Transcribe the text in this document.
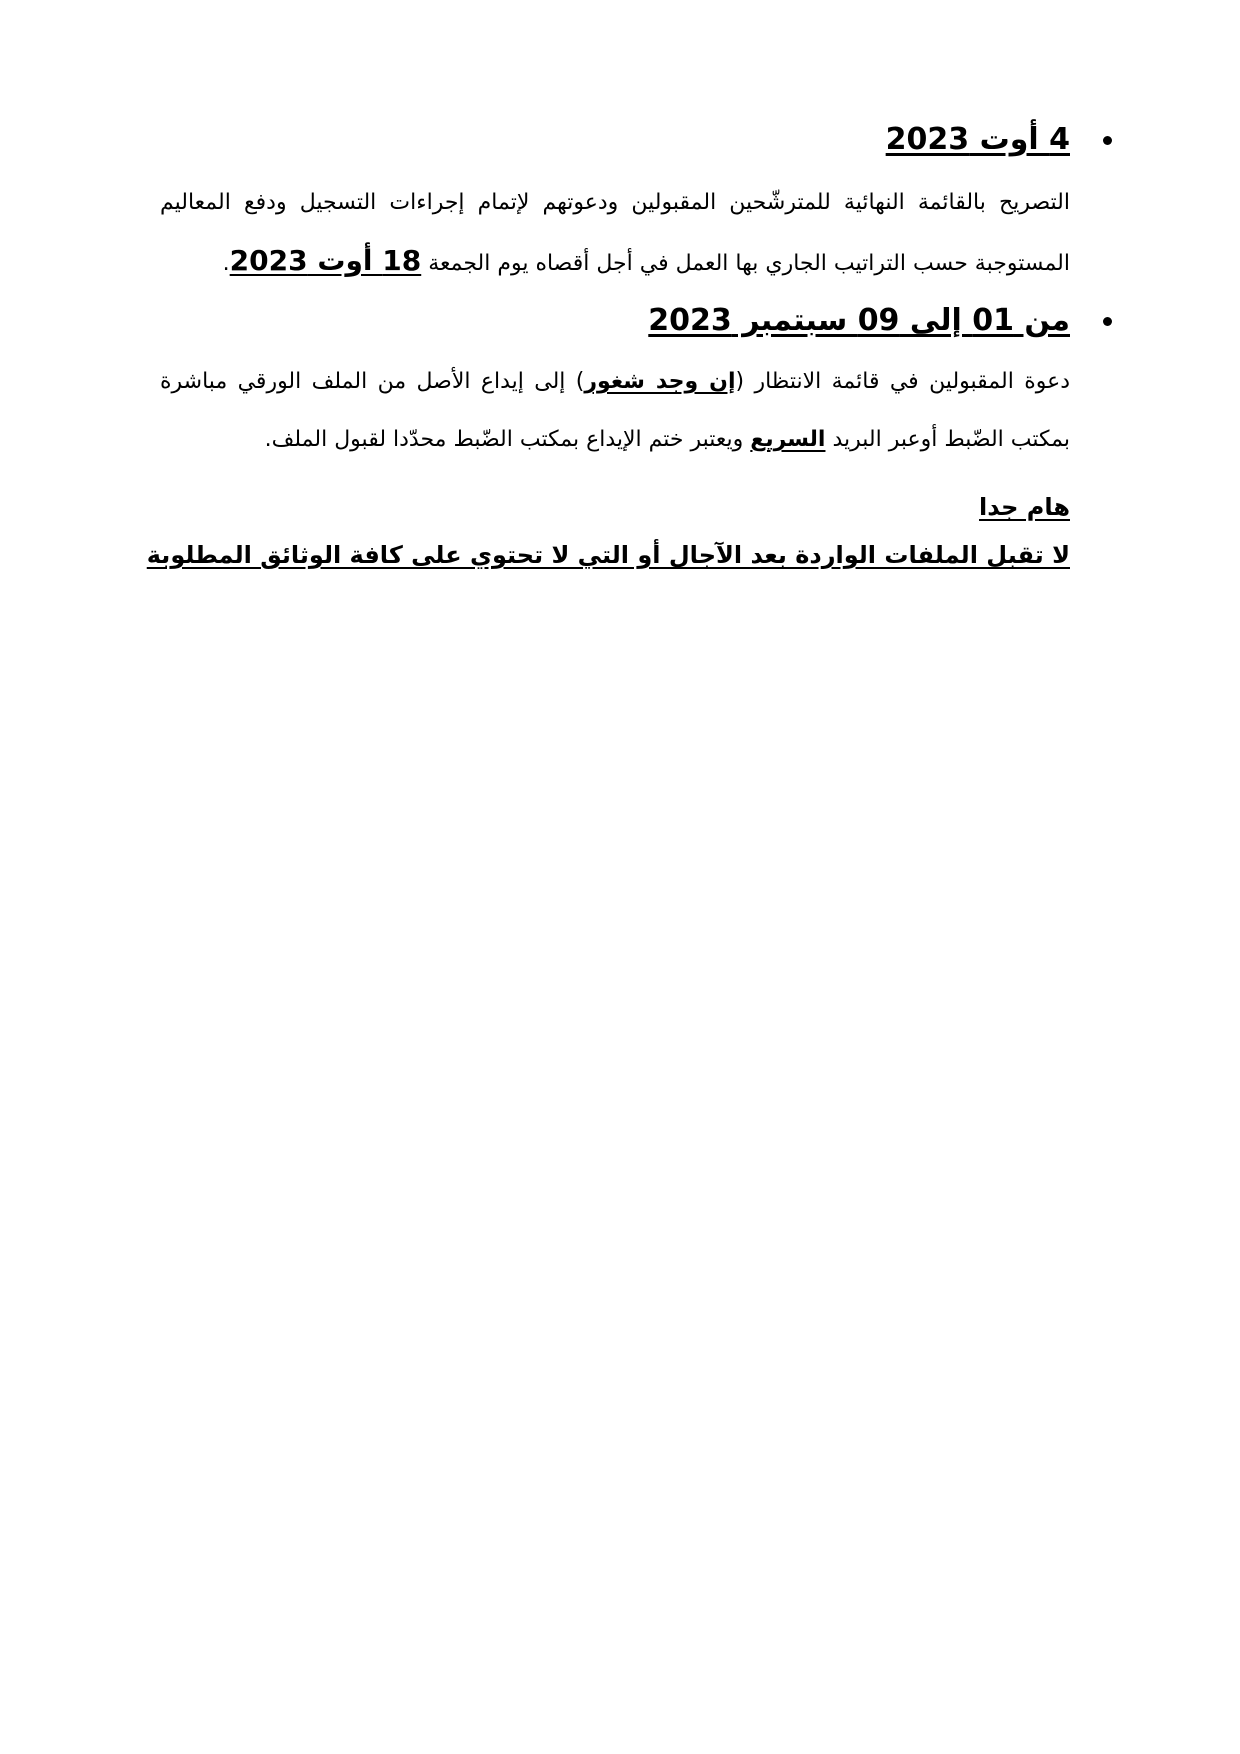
4 أوت 2023

التصريح بالقائمة النهائية للمترشّحين المقبولين ودعوتهم لإتمام إجراءات التسجيل ودفع المعاليم المستوجبة حسب التراتيب الجاري بها العمل في أجل أقصاه يوم الجمعة 18 أوت 2023.

من 01 إلى 09 سبتمبر 2023

دعوة المقبولين في قائمة الانتظار (إن وجد شغور) إلى إيداع الأصل من الملف الورقي مباشرة بمكتب الضّبط أوعبر البريد السريع ويعتبر ختم الإيداع بمكتب الضّبط محدّدا لقبول الملف.

هام جدا
لا تقبل الملفات الواردة بعد الآجال أو التي لا تحتوي على كافة الوثائق المطلوبة
